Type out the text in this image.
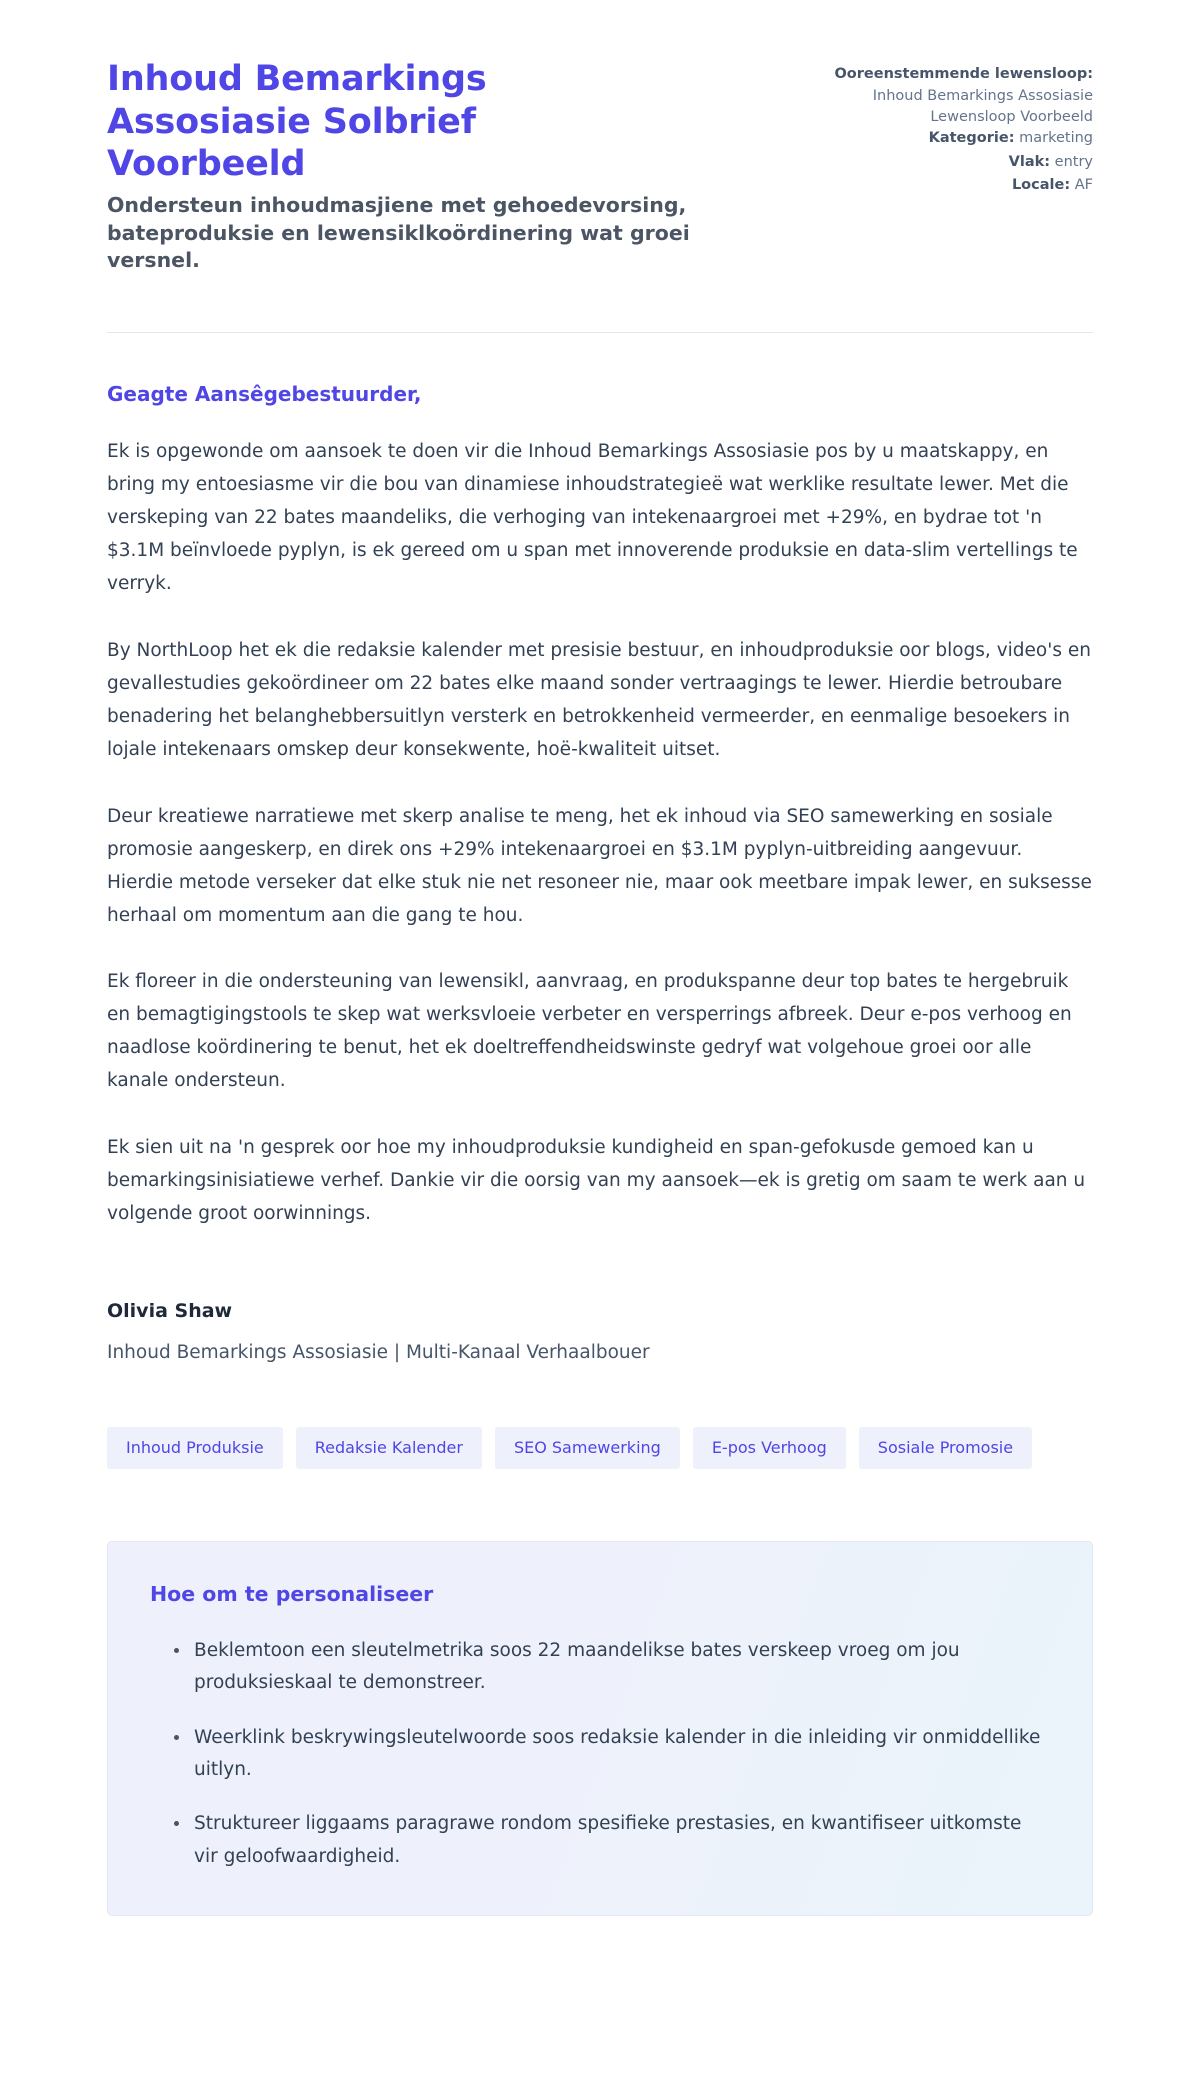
Inhoud Bemarkings Assosiasie Solbrief Voorbeeld

Ondersteun inhoudmasjiene met gehoedevorsing, bateproduksie en lewensiklkoördinering wat groei versnel.

Ooreenstemmende lewensloop:
Inhoud Bemarkings Assosiasie
Lewensloop Voorbeeld
Kategorie: marketing
Vlak: entry
Locale: AF

Geagte Aansêgebestuurder,

Ek is opgewonde om aansoek te doen vir die Inhoud Bemarkings Assosiasie pos by u maatskappy, en bring my entoesiasme vir die bou van dinamiese inhoudstrategieë wat werklike resultate lewer. Met die verskeping van 22 bates maandeliks, die verhoging van intekenaargroei met +29%, en bydrae tot 'n $3.1M beïnvloede pyplyn, is ek gereed om u span met innoverende produksie en data-slim vertellings te verryk.

By NorthLoop het ek die redaksie kalender met presisie bestuur, en inhoudproduksie oor blogs, video's en gevallestudies gekoördineer om 22 bates elke maand sonder vertraagings te lewer. Hierdie betroubare benadering het belanghebbersuitlyn versterk en betrokkenheid vermeerder, en eenmalige besoekers in lojale intekenaars omskep deur konsekwente, hoë-kwaliteit uitset.

Deur kreatiewe narratiewe met skerp analise te meng, het ek inhoud via SEO samewerking en sosiale promosie aangeskerp, en direk ons +29% intekenaargroei en $3.1M pyplyn-uitbreiding aangevuur. Hierdie metode verseker dat elke stuk nie net resoneer nie, maar ook meetbare impak lewer, en suksesse herhaal om momentum aan die gang te hou.

Ek floreer in die ondersteuning van lewensikl, aanvraag, en produkspanne deur top bates te hergebruik en bemagtigingstools te skep wat werksvloeie verbeter en versperrings afbreek. Deur e-pos verhoog en naadlose koördinering te benut, het ek doeltreffendheidswinste gedryf wat volgehoue groei oor alle kanale ondersteun.

Ek sien uit na 'n gesprek oor hoe my inhoudproduksie kundigheid en span-gefokusde gemoed kan u bemarkingsinisiatiewe verhef. Dankie vir die oorsig van my aansoek—ek is gretig om saam te werk aan u volgende groot oorwinnings.

Olivia Shaw
Inhoud Bemarkings Assosiasie | Multi-Kanaal Verhaalbouer
Inhoud Produksie	Redaksie Kalender	SEO Samewerking	E-pos Verhoog	Sosiale Promosie
Hoe om te personaliseer
Beklemtoon een sleutelmetrika soos 22 maandelikse bates verskeep vroeg om jou produksieskaal te demonstreer.
Weerklink beskrywingsleutelwoorde soos redaksie kalender in die inleiding vir onmiddellike uitlyn.
Struktureer liggaams paragrawe rondom spesifieke prestasies, en kwantifiseer uitkomste vir geloofwaardigheid.
